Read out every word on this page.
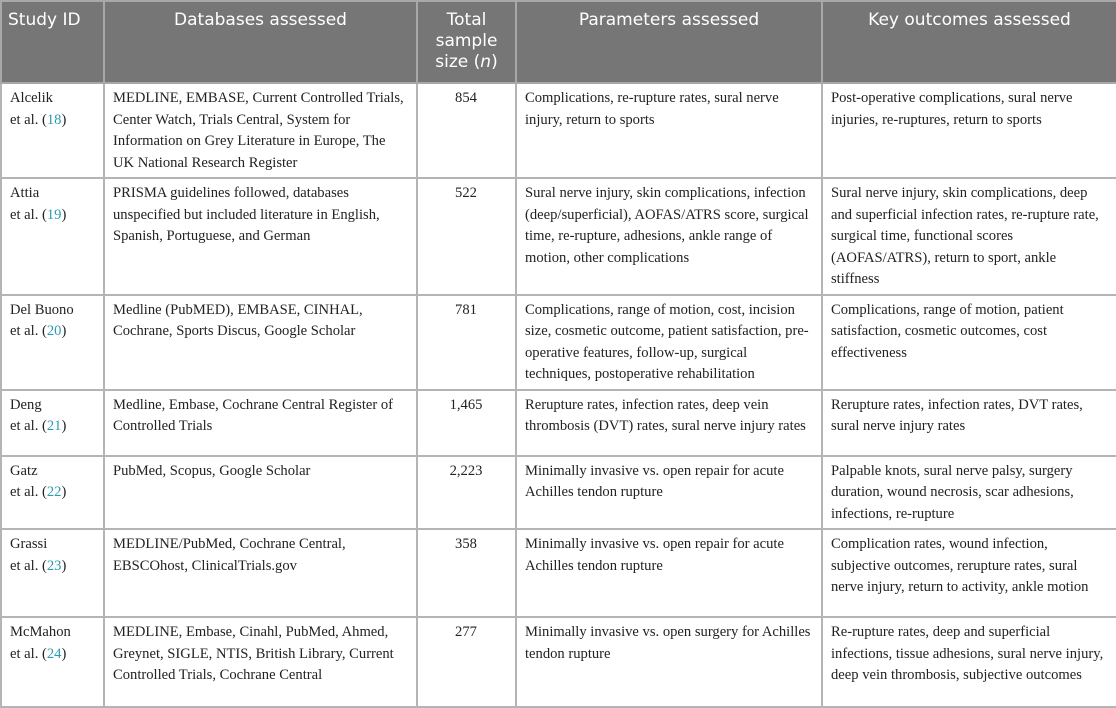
Study ID	Databases assessed	Total sample size (n)	Parameters assessed	Key outcomes assessed
Alcelik
et al. (18)	MEDLINE, EMBASE, Current Controlled Trials, Center Watch, Trials Central, System for Information on Grey Literature in Europe, The UK National Research Register	854	Complications, re-rupture rates, sural nerve injury, return to sports	Post-operative complications, sural nerve injuries, re-ruptures, return to sports
Attia
et al. (19)	PRISMA guidelines followed, databases unspecified but included literature in English, Spanish, Portuguese, and German	522	Sural nerve injury, skin complications, infection (deep/superficial), AOFAS/ATRS score, surgical time, re-rupture, adhesions, ankle range of motion, other complications	Sural nerve injury, skin complications, deep and superficial infection rates, re-rupture rate, surgical time, functional scores (AOFAS/ATRS), return to sport, ankle stiffness
Del Buono
et al. (20)	Medline (PubMED), EMBASE, CINHAL, Cochrane, Sports Discus, Google Scholar	781	Complications, range of motion, cost, incision size, cosmetic outcome, patient satisfaction, pre-operative features, follow-up, surgical techniques, postoperative rehabilitation	Complications, range of motion, patient satisfaction, cosmetic outcomes, cost effectiveness
Deng
et al. (21)	Medline, Embase, Cochrane Central Register of Controlled Trials	1,465	Rerupture rates, infection rates, deep vein thrombosis (DVT) rates, sural nerve injury rates	Rerupture rates, infection rates, DVT rates, sural nerve injury rates
Gatz
et al. (22)	PubMed, Scopus, Google Scholar	2,223	Minimally invasive vs. open repair for acute Achilles tendon rupture	Palpable knots, sural nerve palsy, surgery duration, wound necrosis, scar adhesions, infections, re-rupture
Grassi
et al. (23)	MEDLINE/PubMed, Cochrane Central, EBSCOhost, ClinicalTrials.gov	358	Minimally invasive vs. open repair for acute Achilles tendon rupture	Complication rates, wound infection, subjective outcomes, rerupture rates, sural nerve injury, return to activity, ankle motion
McMahon
et al. (24)	MEDLINE, Embase, Cinahl, PubMed, Ahmed, Greynet, SIGLE, NTIS, British Library, Current Controlled Trials, Cochrane Central	277	Minimally invasive vs. open surgery for Achilles tendon rupture	Re-rupture rates, deep and superficial infections, tissue adhesions, sural nerve injury, deep vein thrombosis, subjective outcomes
